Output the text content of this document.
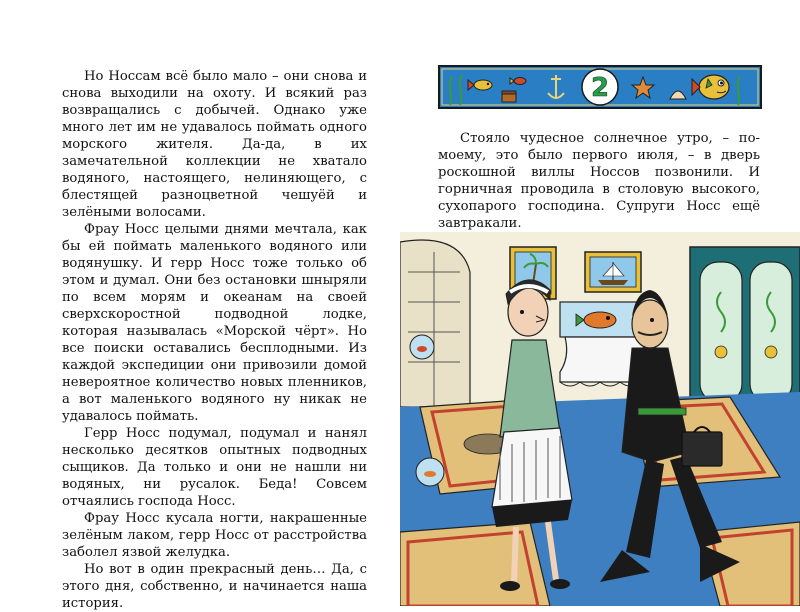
Но Носсам всё было мало – они снова и снова выходили на охоту. И всякий раз возвращались с добычей. Однако уже много лет им не удавалось поймать одного морского жителя. Да-да, в их замечательной коллекции не хватало водяного, настоящего, нелиняющего, с блестящей разноцветной чешуёй и зелёными волосами.

Фрау Носс целыми днями мечтала, как бы ей поймать маленького водяного или водянушку. И герр Носс тоже только об этом и думал. Они без остановки шныряли по всем морям и океанам на своей сверхскоростной подводной лодке, которая называлась «Морской чёрт». Но все поиски оставались бесплодными. Из каждой экспедиции они привозили домой невероятное количество новых пленников, а вот маленького водяного ну никак не удавалось поймать.

Герр Носс подумал, подумал и нанял несколько десятков опытных подводных сыщиков. Да только и они не нашли ни водяных, ни русалок. Беда! Совсем отчаялись господа Носс.

Фрау Носс кусала ногти, накрашенные зелёным лаком, герр Носс от расстройства заболел язвой желудка.

Но вот в один прекрасный день… Да, с этого дня, собственно, и начинается наша история.

2

Стояло чудесное солнечное утро, – по-моему, это было первого июля, – в дверь роскошной виллы Носсов позвонили. И горничная проводила в столовую высокого, сухопарого господина. Супруги Носс ещё завтракали.
